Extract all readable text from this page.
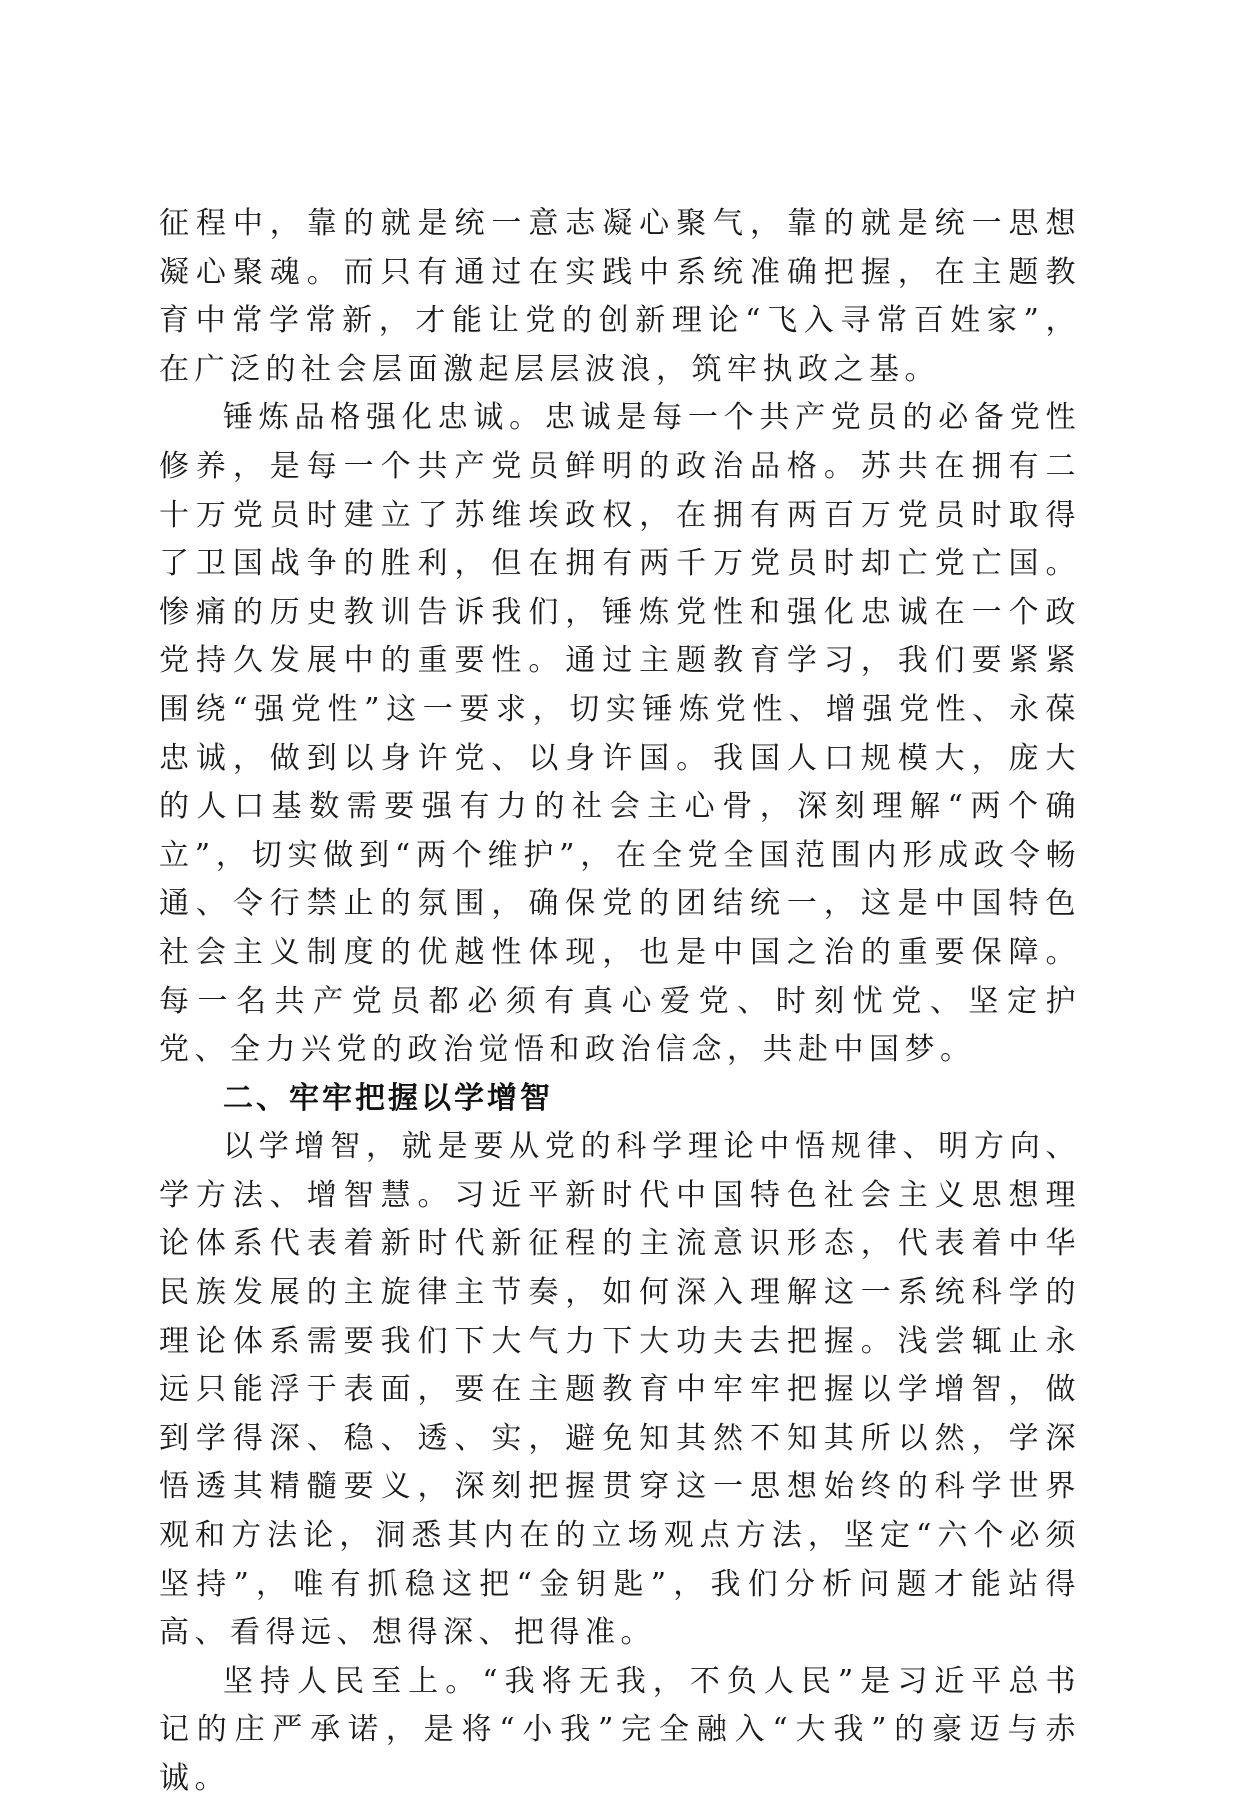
征程中，靠的就是统一意志凝心聚气，靠的就是统一思想凝心聚魂。而只有通过在实践中系统准确把握，在主题教育中常学常新，才能让党的创新理论“飞入寻常百姓家”，在广泛的社会层面激起层层波浪，筑牢执政之基。

锤炼品格强化忠诚。忠诚是每一个共产党员的必备党性修养，是每一个共产党员鲜明的政治品格。苏共在拥有二十万党员时建立了苏维埃政权，在拥有两百万党员时取得了卫国战争的胜利，但在拥有两千万党员时却亡党亡国。惨痛的历史教训告诉我们，锤炼党性和强化忠诚在一个政党持久发展中的重要性。通过主题教育学习，我们要紧紧围绕“强党性”这一要求，切实锤炼党性、增强党性、永葆忠诚，做到以身许党、以身许国。我国人口规模大，庞大的人口基数需要强有力的社会主心骨，深刻理解“两个确立”，切实做到“两个维护”，在全党全国范围内形成政令畅通、令行禁止的氛围，确保党的团结统一，这是中国特色社会主义制度的优越性体现，也是中国之治的重要保障。每一名共产党员都必须有真心爱党、时刻忧党、坚定护党、全力兴党的政治觉悟和政治信念，共赴中国梦。

二、牢牢把握以学增智

以学增智，就是要从党的科学理论中悟规律、明方向、学方法、增智慧。习近平新时代中国特色社会主义思想理论体系代表着新时代新征程的主流意识形态，代表着中华民族发展的主旋律主节奏，如何深入理解这一系统科学的理论体系需要我们下大气力下大功夫去把握。浅尝辄止永远只能浮于表面，要在主题教育中牢牢把握以学增智，做到学得深、稳、透、实，避免知其然不知其所以然，学深悟透其精髓要义，深刻把握贯穿这一思想始终的科学世界观和方法论，洞悉其内在的立场观点方法，坚定“六个必须坚持”，唯有抓稳这把“金钥匙”，我们分析问题才能站得高、看得远、想得深、把得准。

坚持人民至上。“我将无我，不负人民”是习近平总书记的庄严承诺，是将“小我”完全融入“大我”的豪迈与赤诚。
